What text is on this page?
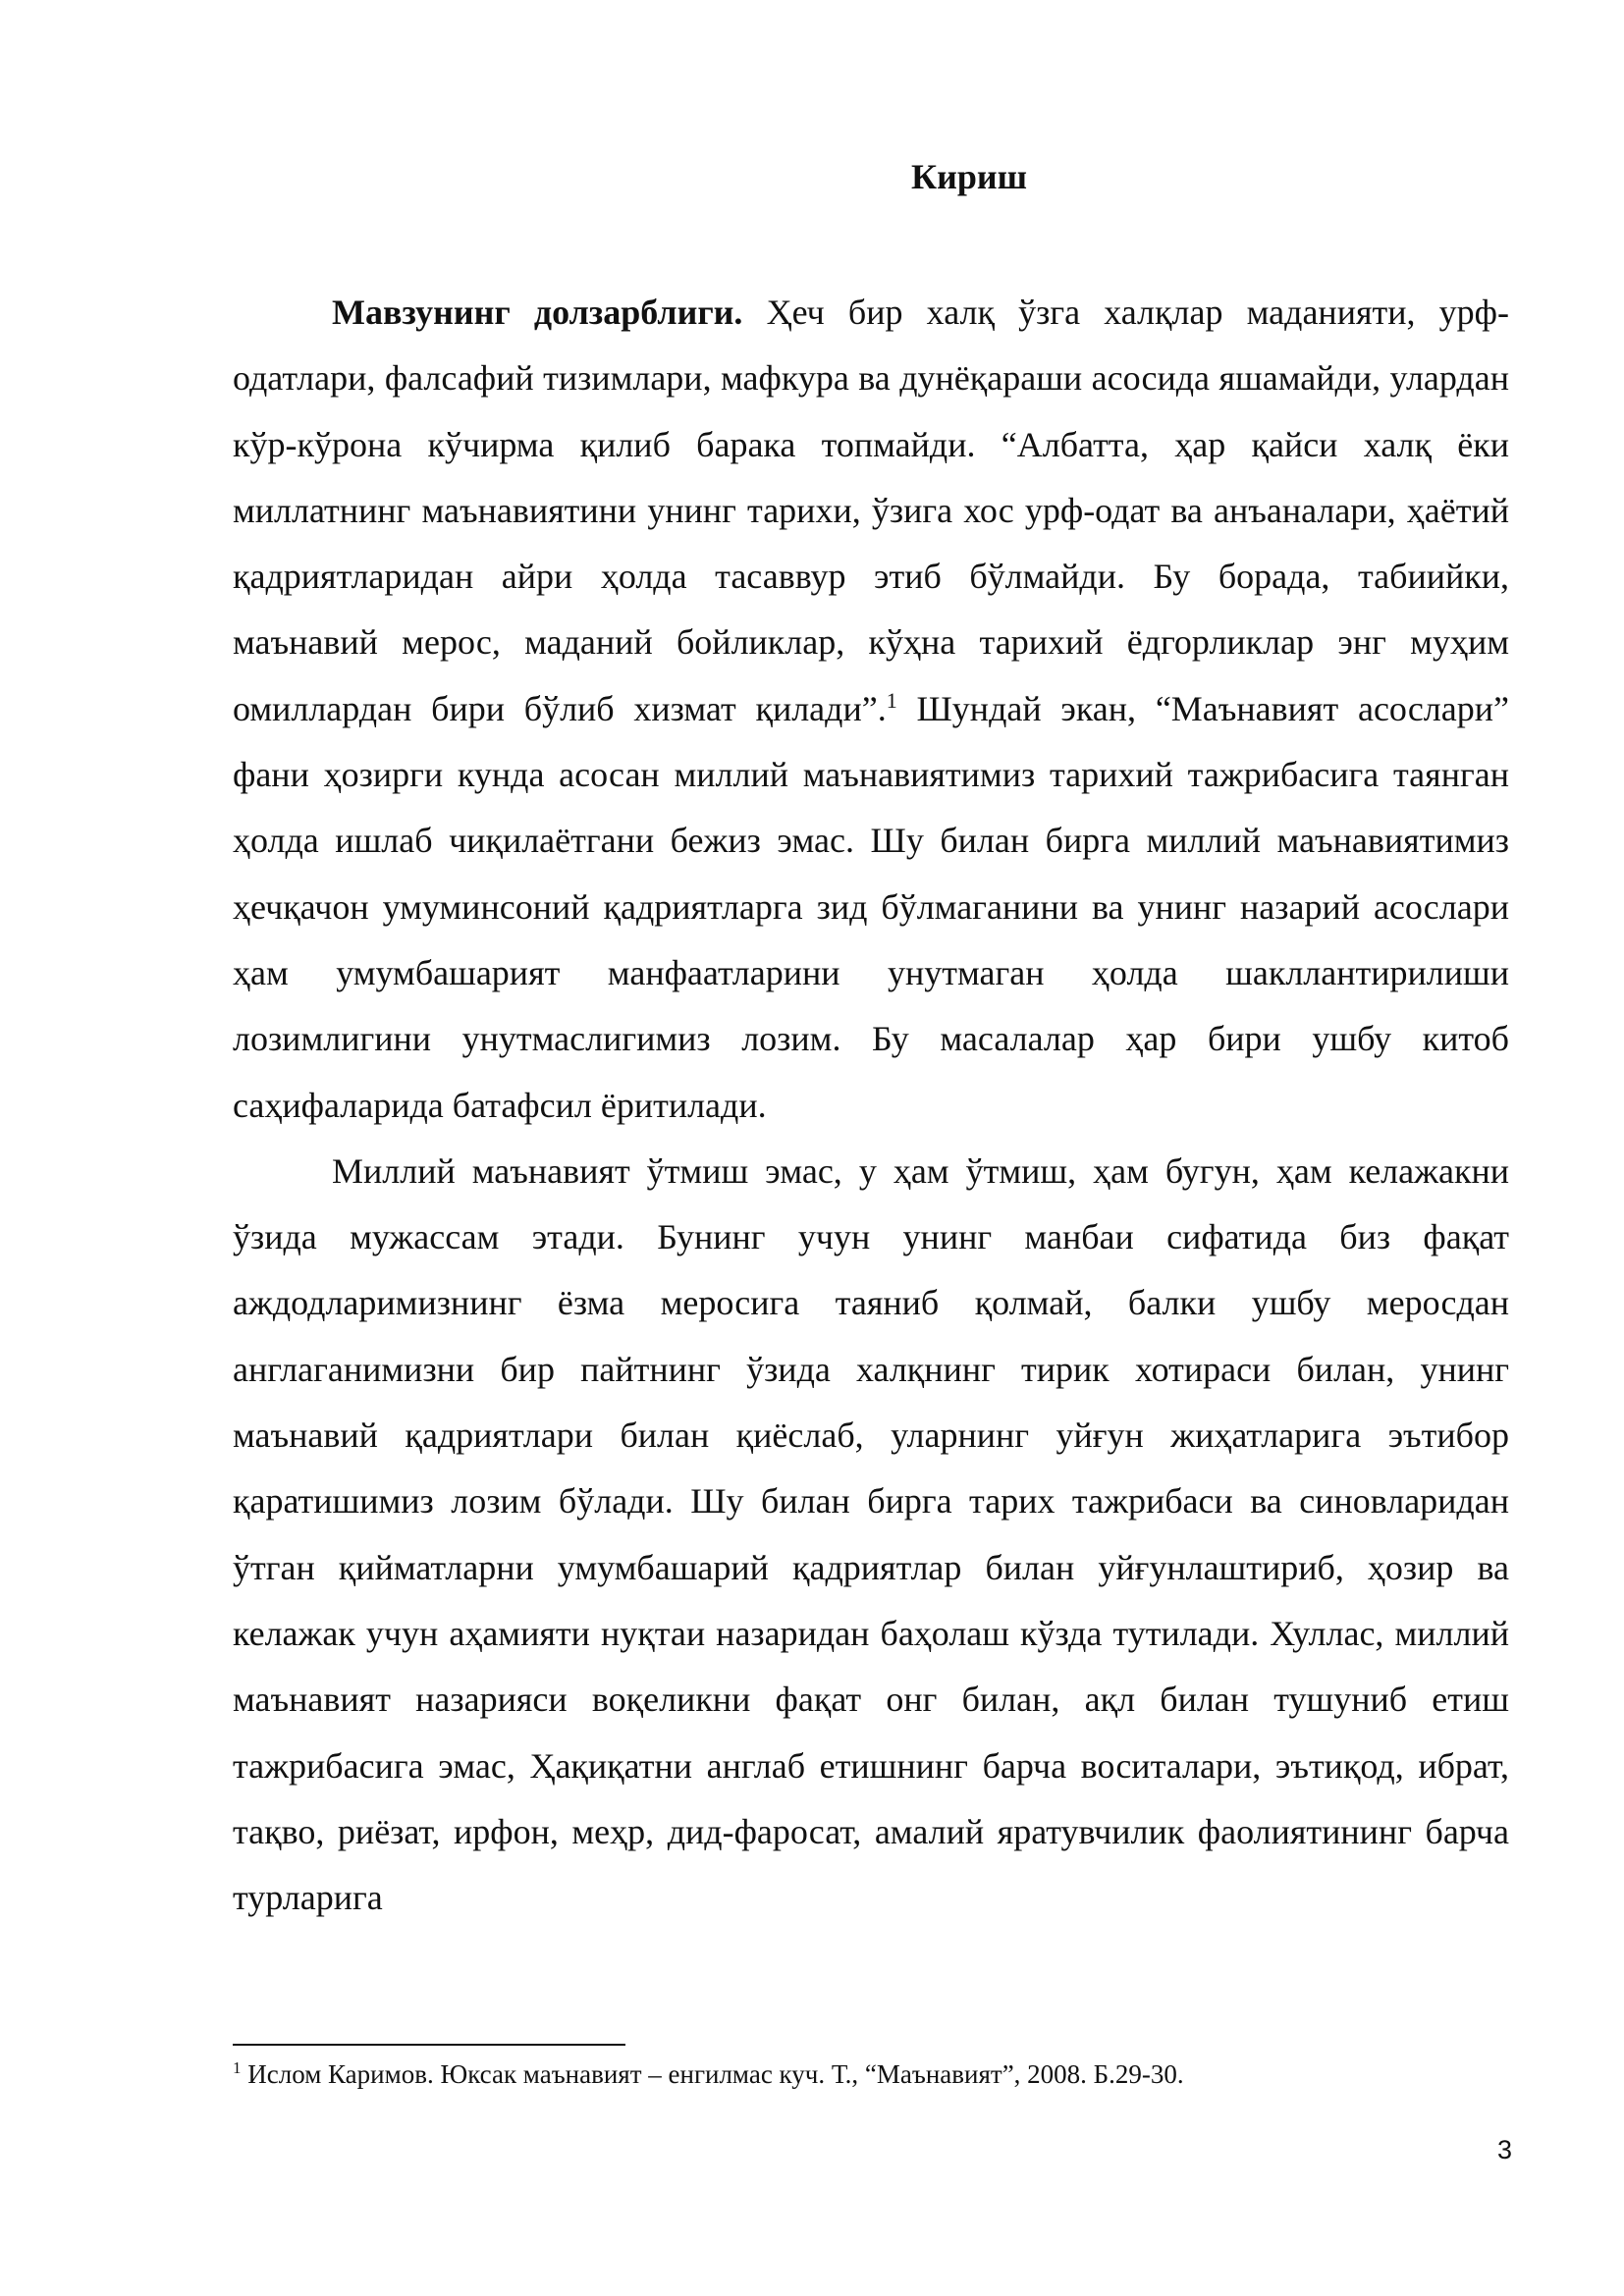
Кириш

Мавзунинг долзарблиги. Ҳеч бир халқ ўзга халқлар маданияти, урф-одатлари, фалсафий тизимлари, мафкура ва дунёқараши асосида яшамайди, улардан кўр-кўрона кўчирма қилиб барака топмайди. “Албатта, ҳар қайси халқ ёки миллатнинг маънавиятини унинг тарихи, ўзига хос урф-одат ва анъаналари, ҳаётий қадриятларидан айри ҳолда тасаввур этиб бўлмайди. Бу борада, табиийки, маънавий мерос, маданий бойликлар, кўҳна тарихий ёдгорликлар энг муҳим омиллардан бири бўлиб хизмат қилади”.$^1$ Шундай экан, “Маънавият асослари” фани ҳозирги кунда асосан миллий маънавиятимиз тарихий тажрибасига таянган ҳолда ишлаб чиқилаётгани бежиз эмас. Шу билан бирга миллий маънавиятимиз ҳечқачон умуминсоний қадриятларга зид бўлмаганини ва унинг назарий асослари ҳам умумбашарият манфаатларини унутмаган ҳолда шакллантирилиши лозимлигини унутмаслигимиз лозим. Бу масалалар ҳар бири ушбу китоб саҳифаларида батафсил ёритилади.

Миллий маънавият ўтмиш эмас, у ҳам ўтмиш, ҳам бугун, ҳам келажакни ўзида мужассам этади. Бунинг учун унинг манбаи сифатида биз фақат аждодларимизнинг ёзма меросига таяниб қолмай, балки ушбу меросдан англаганимизни бир пайтнинг ўзида халқнинг тирик хотираси билан, унинг маънавий қадриятлари билан қиёслаб, уларнинг уйғун жиҳатларига эътибор қаратишимиз лозим бўлади. Шу билан бирга тарих тажрибаси ва синовларидан ўтган қийматларни умумбашарий қадриятлар билан уйғунлаштириб, ҳозир ва келажак учун аҳамияти нуқтаи назаридан баҳолаш кўзда тутилади. Хуллас, миллий маънавият назарияси воқеликни фақат онг билан, ақл билан тушуниб етиш тажрибасига эмас, Ҳақиқатни англаб етишнинг барча воситалари, эътиқод, ибрат, тақво, риёзат, ирфон, меҳр, дид-фаросат, амалий яратувчилик фаолиятининг барча турларига

$^1$ Ислом Каримов. Юксак маънавият – енгилмас куч. Т., “Маънавият”, 2008. Б.29-30.
3
